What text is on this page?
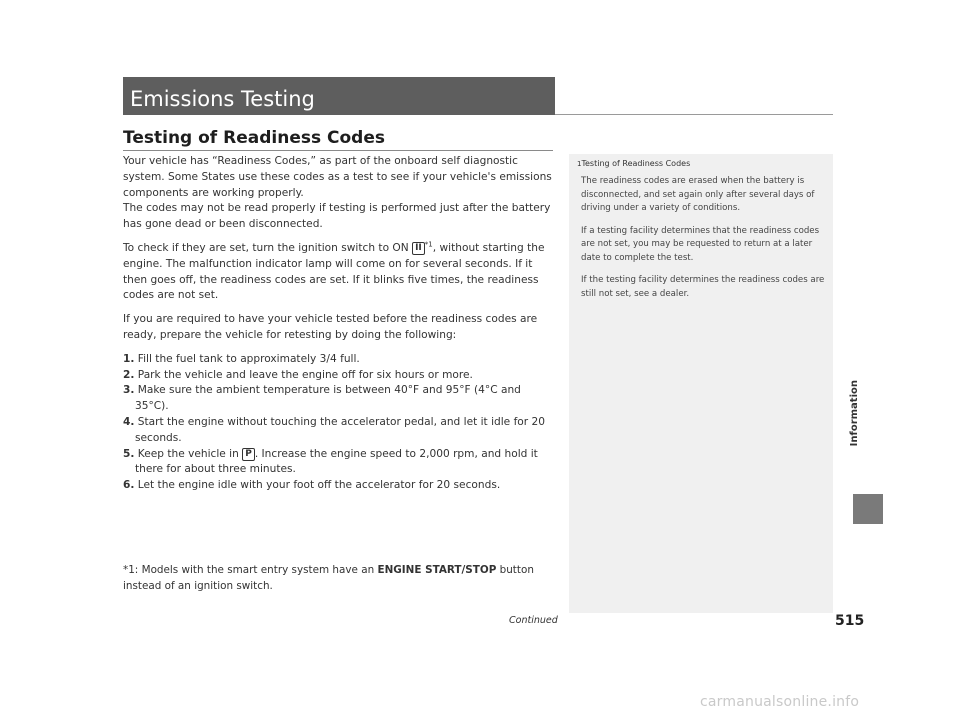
Emissions Testing
Testing of Readiness Codes

Your vehicle has “Readiness Codes,” as part of the onboard self diagnostic system. Some States use these codes as a test to see if your vehicle's emissions components are working properly.

The codes may not be read properly if testing is performed just after the battery has gone dead or been disconnected.

To check if they are set, turn the ignition switch to ON II $^{*1}$, without starting the engine. The malfunction indicator lamp will come on for several seconds. If it then goes off, the readiness codes are set. If it blinks five times, the readiness codes are not set.

If you are required to have your vehicle tested before the readiness codes are ready, prepare the vehicle for retesting by doing the following:

1. Fill the fuel tank to approximately 3/4 full.
2. Park the vehicle and leave the engine off for six hours or more.
3. Make sure the ambient temperature is between 40°F and 95°F (4°C and 35°C).
4. Start the engine without touching the accelerator pedal, and let it idle for 20 seconds.
5. Keep the vehicle in P . Increase the engine speed to 2,000 rpm, and hold it there for about three minutes.
6. Let the engine idle with your foot off the accelerator for 20 seconds.
*1: Models with the smart entry system have an ENGINE START/STOP button instead of an ignition switch.
1Testing of Readiness Codes

The readiness codes are erased when the battery is disconnected, and set again only after several days of driving under a variety of conditions.

If a testing facility determines that the readiness codes are not set, you may be requested to return at a later date to complete the test.

If the testing facility determines the readiness codes are still not set, see a dealer.

Continued	515
Information
carmanualsonline.info
